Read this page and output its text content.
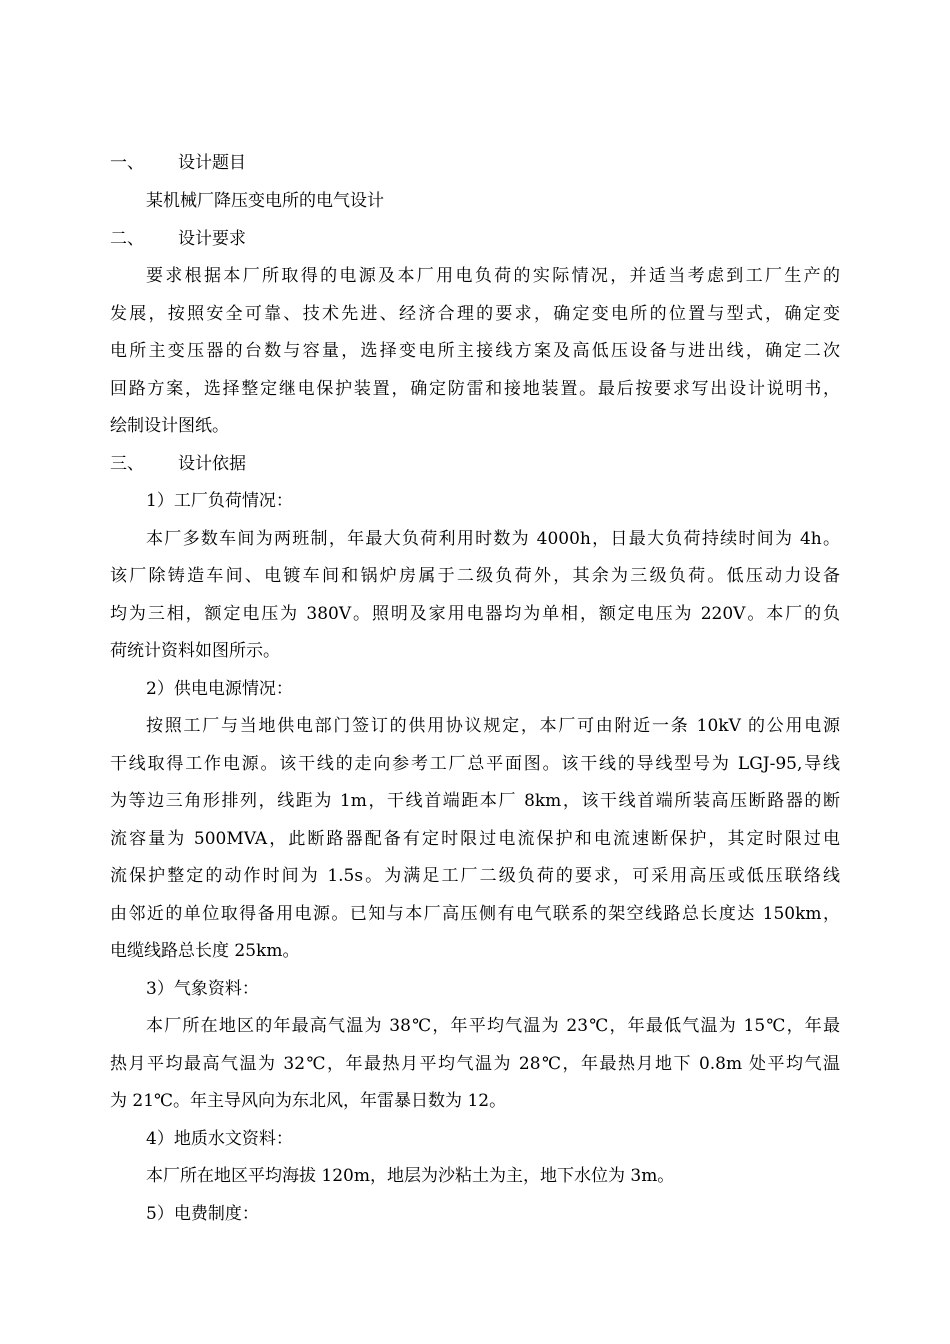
一、 设计题目
某机械厂降压变电所的电气设计
二、 设计要求
要求根据本厂所取得的电源及本厂用电负荷的实际情况，并适当考虑到工厂生产的
发展，按照安全可靠、技术先进、经济合理的要求，确定变电所的位置与型式，确定变
电所主变压器的台数与容量，选择变电所主接线方案及高低压设备与进出线，确定二次
回路方案，选择整定继电保护装置，确定防雷和接地装置。最后按要求写出设计说明书，
绘制设计图纸。
三、 设计依据
1）工厂负荷情况：
本厂多数车间为两班制，年最大负荷利用时数为 4000h，日最大负荷持续时间为 4h。
该厂除铸造车间、电镀车间和锅炉房属于二级负荷外，其余为三级负荷。低压动力设备
均为三相，额定电压为 380V。照明及家用电器均为单相，额定电压为 220V。本厂的负
荷统计资料如图所示。
2）供电电源情况：
按照工厂与当地供电部门签订的供用协议规定，本厂可由附近一条 10kV 的公用电源
干线取得工作电源。该干线的走向参考工厂总平面图。该干线的导线型号为 LGJ-95,导线
为等边三角形排列，线距为 1m，干线首端距本厂 8km，该干线首端所装高压断路器的断
流容量为 500MVA，此断路器配备有定时限过电流保护和电流速断保护，其定时限过电
流保护整定的动作时间为 1.5s。为满足工厂二级负荷的要求，可采用高压或低压联络线
由邻近的单位取得备用电源。已知与本厂高压侧有电气联系的架空线路总长度达 150km，
电缆线路总长度 25km。
3）气象资料：
本厂所在地区的年最高气温为 38℃，年平均气温为 23℃，年最低气温为 15℃，年最
热月平均最高气温为 32℃，年最热月平均气温为 28℃，年最热月地下 0.8m 处平均气温
为 21℃。年主导风向为东北风，年雷暴日数为 12。
4）地质水文资料：
本厂所在地区平均海拔 120m，地层为沙粘土为主，地下水位为 3m。
5）电费制度：
